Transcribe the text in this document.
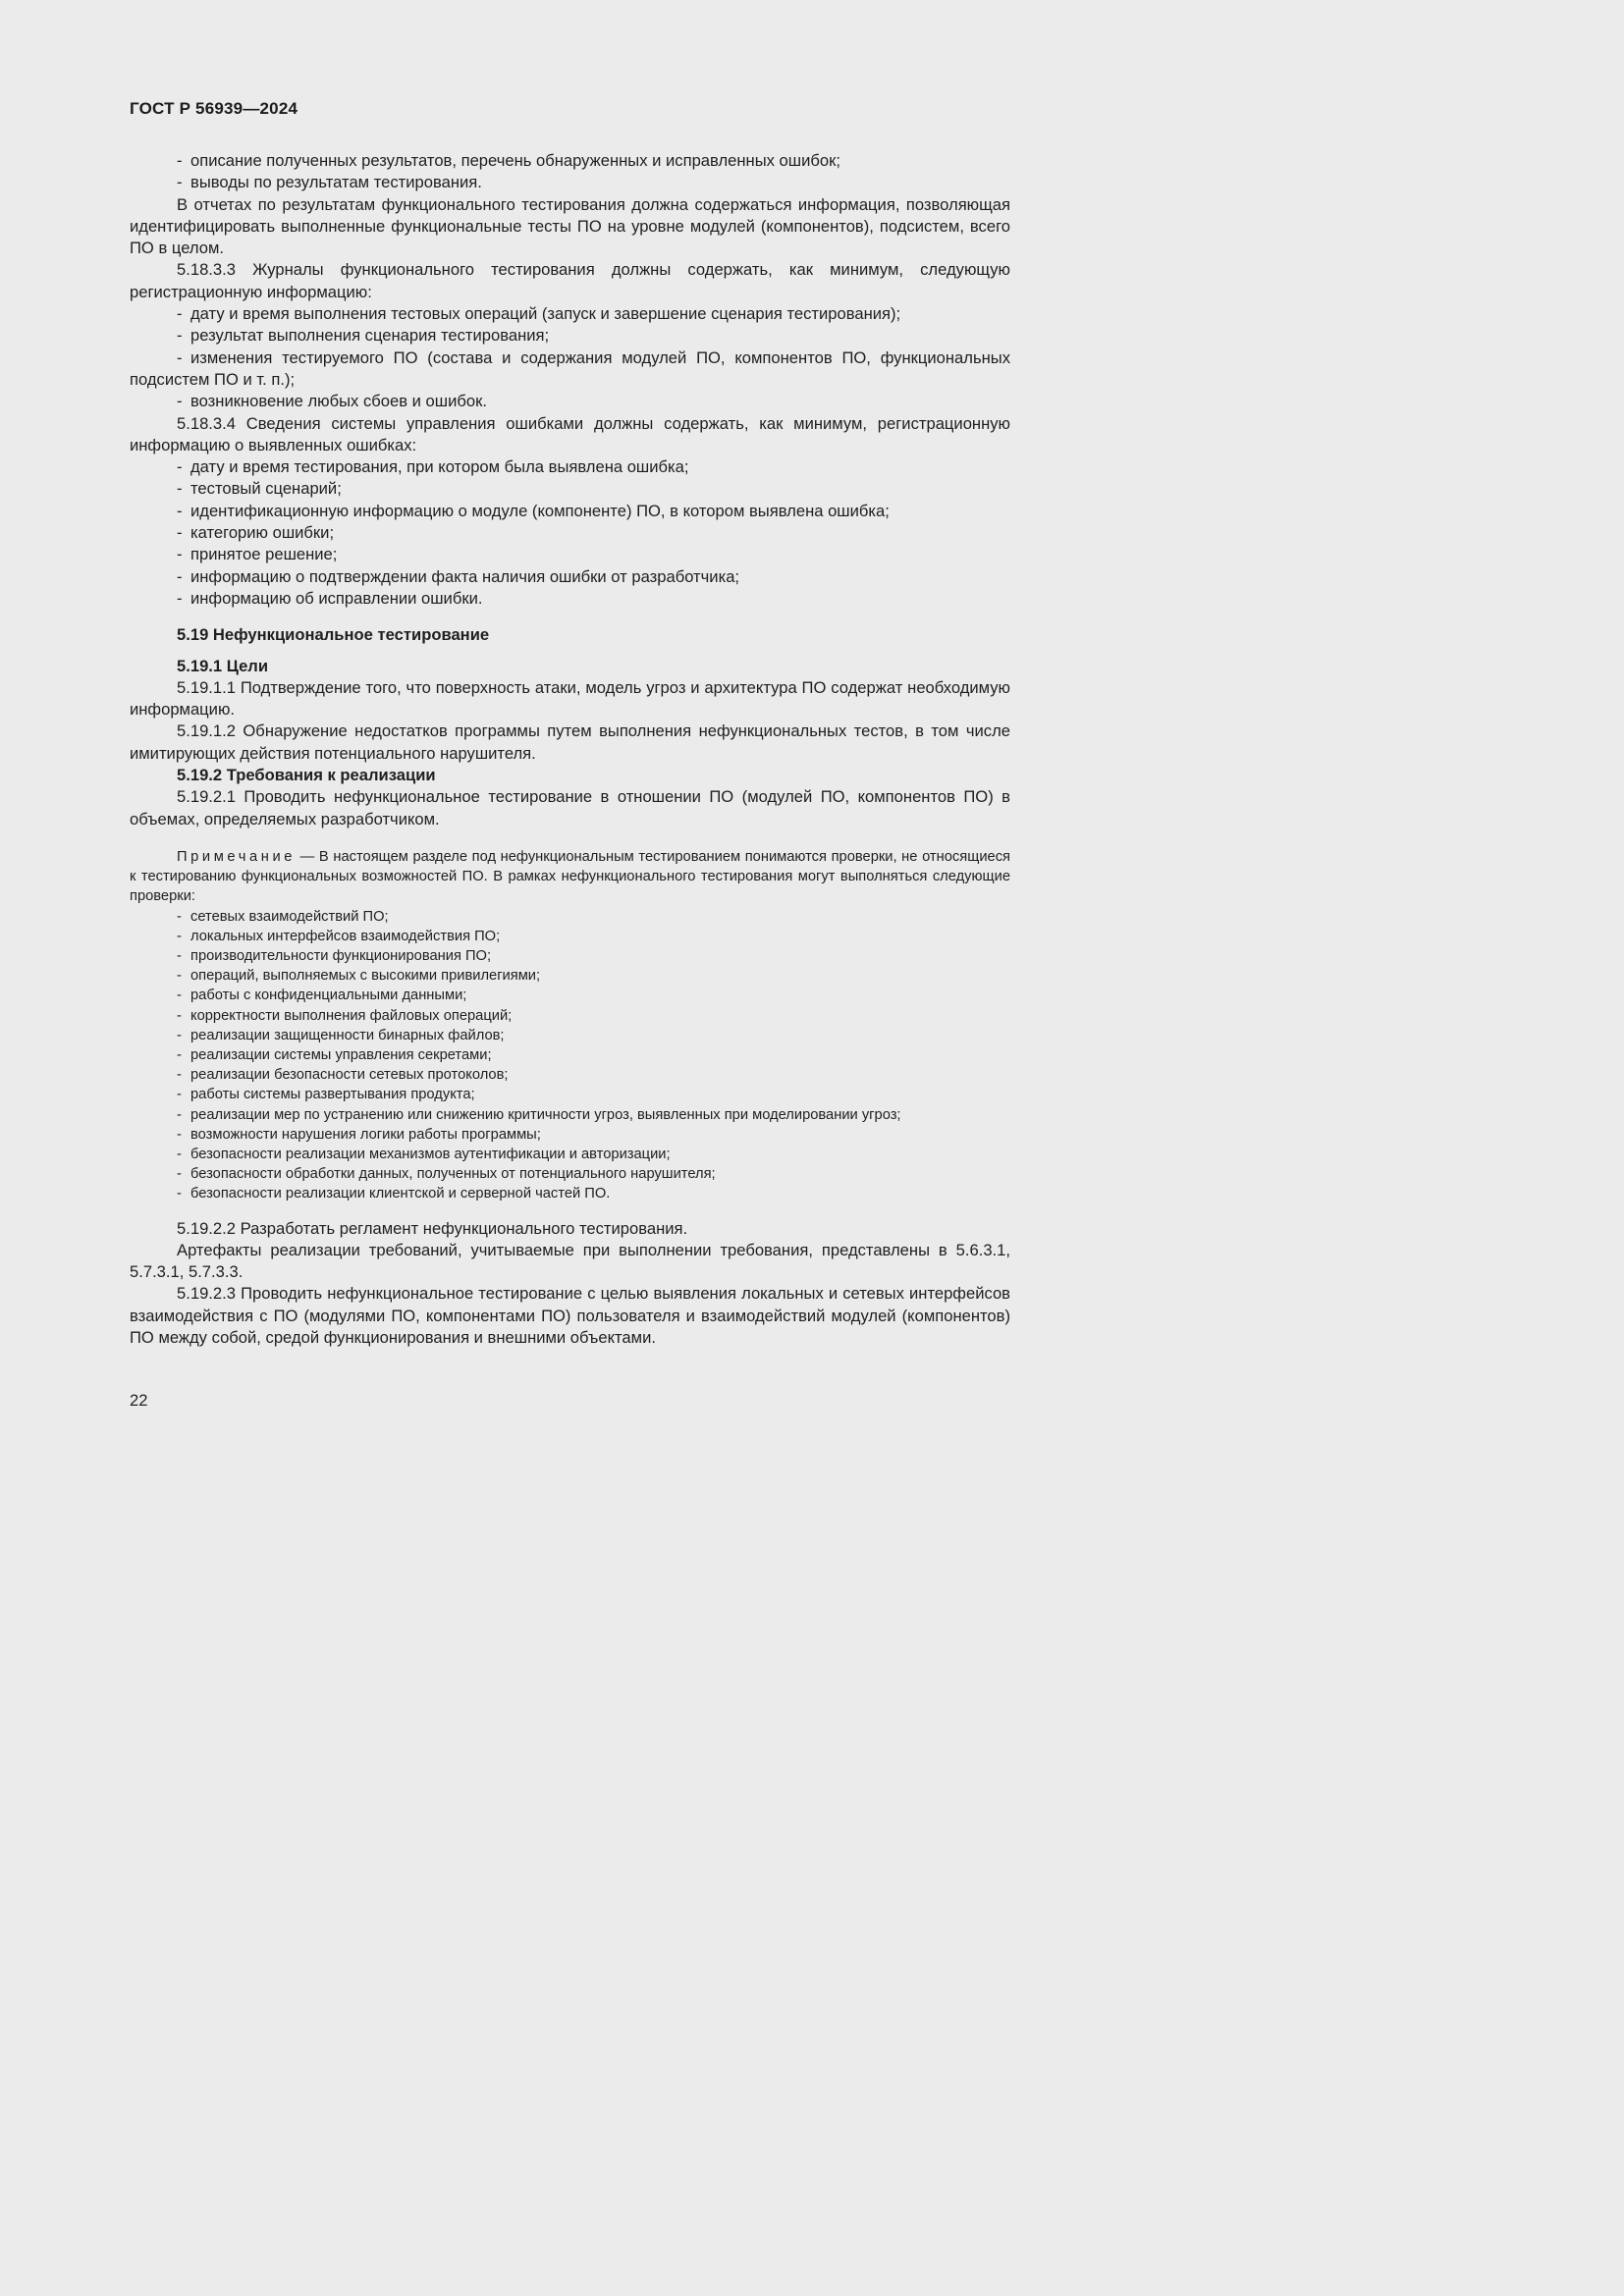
ГОСТ Р 56939—2024

-описание полученных результатов, перечень обнаруженных и исправленных ошибок;

-выводы по результатам тестирования.

В отчетах по результатам функционального тестирования должна содержаться информация, позволяющая идентифицировать выполненные функциональные тесты ПО на уровне модулей (компонентов), подсистем, всего ПО в целом.

5.18.3.3 Журналы функционального тестирования должны содержать, как минимум, следующую регистрационную информацию:

-дату и время выполнения тестовых операций (запуск и завершение сценария тестирования);

-результат выполнения сценария тестирования;

-изменения тестируемого ПО (состава и содержания модулей ПО, компонентов ПО, функциональных подсистем ПО и т. п.);

-возникновение любых сбоев и ошибок.

5.18.3.4 Сведения системы управления ошибками должны содержать, как минимум, регистрационную информацию о выявленных ошибках:

-дату и время тестирования, при котором была выявлена ошибка;

-тестовый сценарий;

-идентификационную информацию о модуле (компоненте) ПО, в котором выявлена ошибка;

-категорию ошибки;

-принятое решение;

-информацию о подтверждении факта наличия ошибки от разработчика;

-информацию об исправлении ошибки.

5.19 Нефункциональное тестирование

5.19.1 Цели

5.19.1.1 Подтверждение того, что поверхность атаки, модель угроз и архитектура ПО содержат необходимую информацию.

5.19.1.2 Обнаружение недостатков программы путем выполнения нефункциональных тестов, в том числе имитирующих действия потенциального нарушителя.

5.19.2 Требования к реализации

5.19.2.1 Проводить нефункциональное тестирование в отношении ПО (модулей ПО, компонентов ПО) в объемах, определяемых разработчиком.

Примечание — В настоящем разделе под нефункциональным тестированием понимаются проверки, не относящиеся к тестированию функциональных возможностей ПО. В рамках нефункционального тестирования могут выполняться следующие проверки:

-сетевых взаимодействий ПО;

-локальных интерфейсов взаимодействия ПО;

-производительности функционирования ПО;

-операций, выполняемых с высокими привилегиями;

-работы с конфиденциальными данными;

-корректности выполнения файловых операций;

-реализации защищенности бинарных файлов;

-реализации системы управления секретами;

-реализации безопасности сетевых протоколов;

-работы системы развертывания продукта;

-реализации мер по устранению или снижению критичности угроз, выявленных при моделировании угроз;

-возможности нарушения логики работы программы;

-безопасности реализации механизмов аутентификации и авторизации;

-безопасности обработки данных, полученных от потенциального нарушителя;

-безопасности реализации клиентской и серверной частей ПО.

5.19.2.2 Разработать регламент нефункционального тестирования.

Артефакты реализации требований, учитываемые при выполнении требования, представлены в 5.6.3.1, 5.7.3.1, 5.7.3.3.

5.19.2.3 Проводить нефункциональное тестирование с целью выявления локальных и сетевых интерфейсов взаимодействия с ПО (модулями ПО, компонентами ПО) пользователя и взаимодействий модулей (компонентов) ПО между собой, средой функционирования и внешними объектами.

22
